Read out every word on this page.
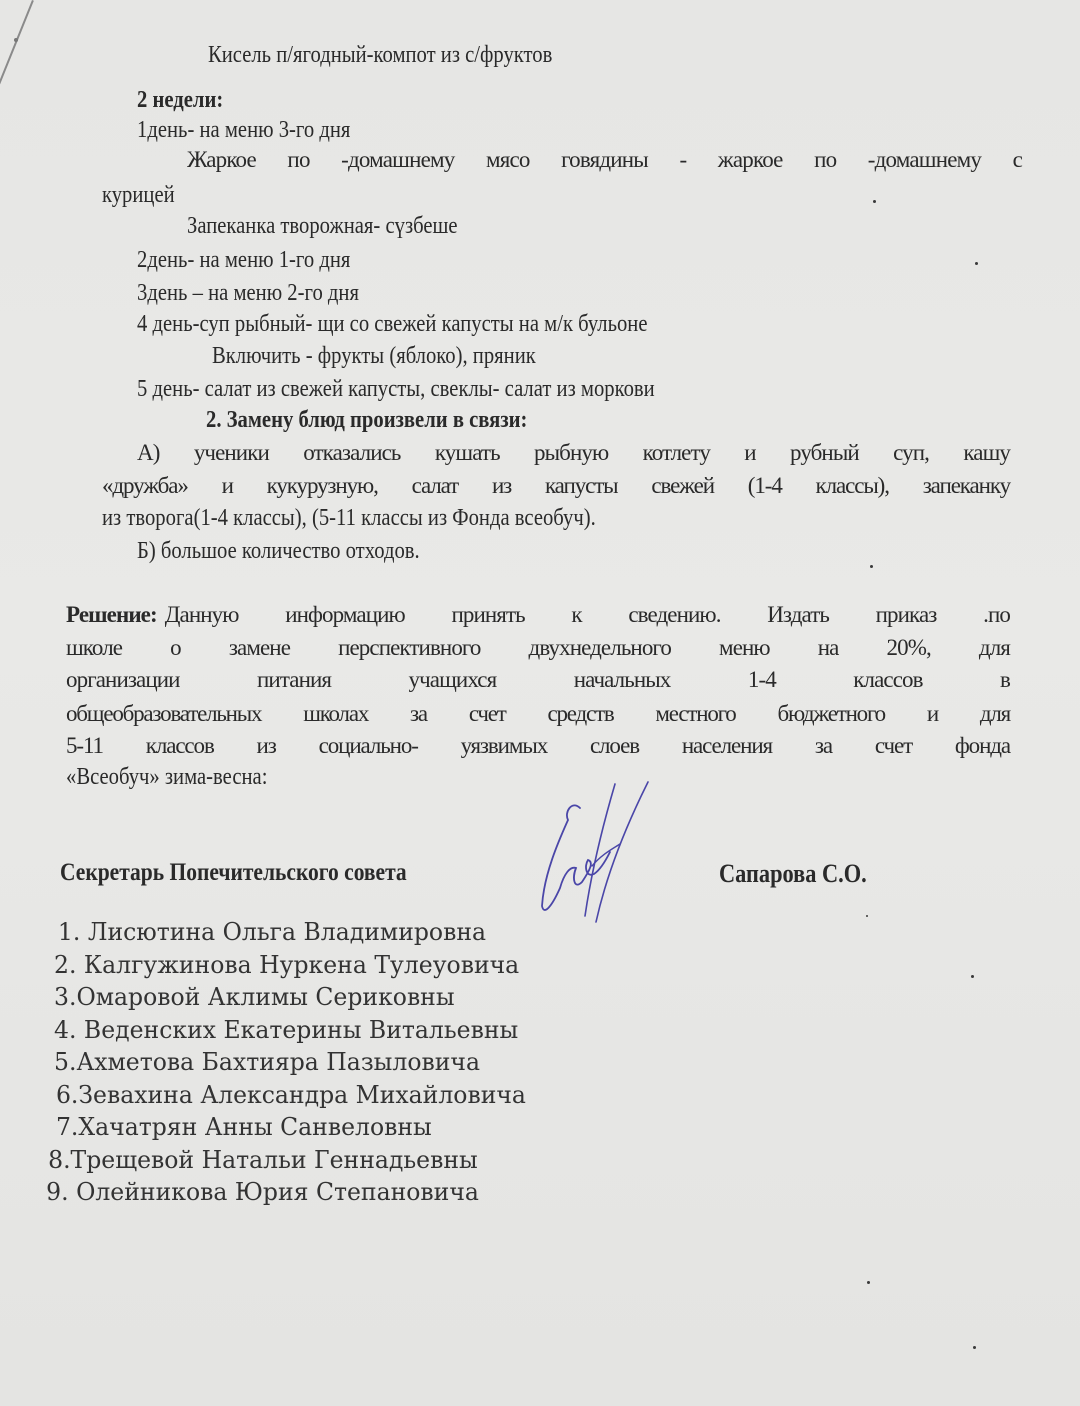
Кисель п/ягодный-компот из с/фруктов
2 недели:
1день- на меню 3-го дня
Жаркое по -домашнему мясо говядины - жаркое по -домашнему с
курицей
Запеканка творожная- сүзбеше
2день- на меню 1-го дня
3день – на меню 2-го дня
4 день-суп рыбный- щи со свежей капусты на м/к бульоне
Включить - фрукты (яблоко), пряник
5 день- салат из свежей капусты, свеклы- салат из моркови
2. Замену блюд произвели в связи:
А) ученики отказались кушать рыбную котлету и рубный суп, кашу
«дружба» и кукурузную, салат из капусты свежей (1-4 классы), запеканку
из творога(1-4 классы), (5-11 классы из Фонда всеобуч).
Б) большое количество отходов.
Решение: Данную информацию принять к сведению. Издать приказ .по
школе о замене перспективного двухнедельного меню на 20%, для
организации питания учащихся начальных 1-4 классов в
общеобразовательных школах за счет средств местного бюджетного и для
5-11 классов из социально- уязвимых слоев населения за счет фонда
«Всеобуч» зима-весна:
Секретарь Попечительского совета	Сапарова С.О.
1. Лисютина Ольга Владимировна
2. Калгужинова Нуркена Тулеуовича
3.Омаровой Аклимы Сериковны
4. Веденских Екатерины Витальевны
5.Ахметова Бахтияра Пазыловича
6.Зевахина Александра Михайловича
7.Хачатрян Анны Санвеловны
8.Трещевой Натальи Геннадьевны
9. Олейникова Юрия Степановича
